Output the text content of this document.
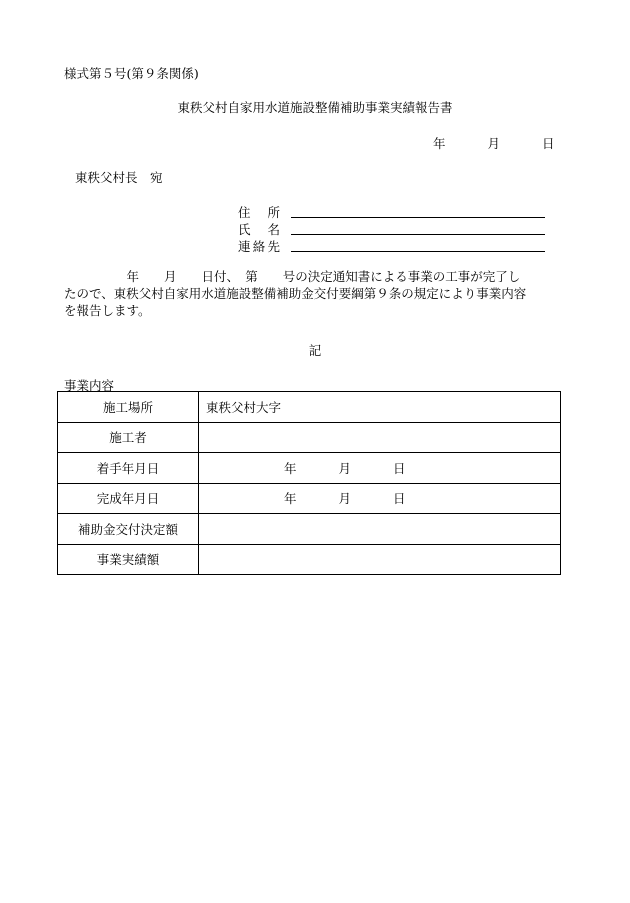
様式第５号(第９条関係)
東秩父村自家用水道施設整備補助事業実績報告書
年	月	日
東秩父村長　宛
住　所
氏　名
連絡先
　　　　　年　　月　　日付、　第　　号の決定通知書による事業の工事が完了し
たので、東秩父村自家用水道施設整備補助金交付要綱第９条の規定により事業内容
を報告します。
記
事業内容
施工場所	東秩父村大字
施工者	
着手年月日	年 月 日
完成年月日	年 月 日
補助金交付決定額	
事業実績額	
